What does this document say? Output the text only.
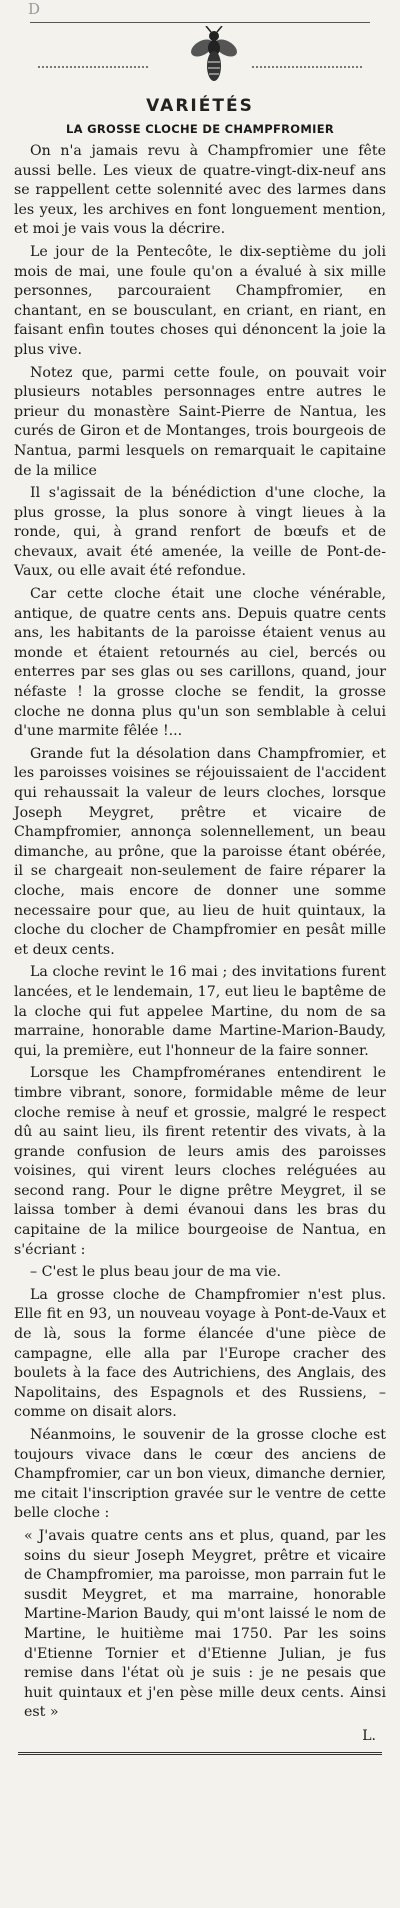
D
VARIÉTÉS
LA GROSSE CLOCHE DE CHAMPFROMIER

On n'a jamais revu à Champfromier une fête aussi belle. Les vieux de quatre-vingt-dix-neuf ans se rappellent cette solennité avec des larmes dans les yeux, les archives en font longuement mention, et moi je vais vous la décrire.

Le jour de la Pentecôte, le dix-septième du joli mois de mai, une foule qu'on a évalué à six mille personnes, parcouraient Champfromier, en chantant, en se bousculant, en criant, en riant, en faisant enfin toutes choses qui dénoncent la joie la plus vive.

Notez que, parmi cette foule, on pouvait voir plusieurs notables personnages entre autres le prieur du monastère Saint-Pierre de Nantua, les curés de Giron et de Montanges, trois bourgeois de Nantua, parmi lesquels on remarquait le capitaine de la milice

Il s'agissait de la bénédiction d'une cloche, la plus grosse, la plus sonore à vingt lieues à la ronde, qui, à grand renfort de bœufs et de chevaux, avait été amenée, la veille de Pont-de-Vaux, ou elle avait été refondue.

Car cette cloche était une cloche vénérable, antique, de quatre cents ans. Depuis quatre cents ans, les habitants de la paroisse étaient venus au monde et étaient retournés au ciel, bercés ou enterres par ses glas ou ses carillons, quand, jour néfaste ! la grosse cloche se fendit, la grosse cloche ne donna plus qu'un son semblable à celui d'une marmite fêlée !...

Grande fut la désolation dans Champfromier, et les paroisses voisines se réjouissaient de l'accident qui rehaussait la valeur de leurs cloches, lorsque Joseph Meygret, prêtre et vicaire de Champfromier, annonça solennellement, un beau dimanche, au prône, que la paroisse étant obérée, il se chargeait non-seulement de faire réparer la cloche, mais encore de donner une somme necessaire pour que, au lieu de huit quintaux, la cloche du clocher de Champfromier en pesât mille et deux cents.

La cloche revint le 16 mai ; des invitations furent lancées, et le lendemain, 17, eut lieu le baptême de la cloche qui fut appelee Martine, du nom de sa marraine, honorable dame Martine-Marion-Baudy, qui, la première, eut l'honneur de la faire sonner.

Lorsque les Champfroméranes entendirent le timbre vibrant, sonore, formidable même de leur cloche remise à neuf et grossie, malgré le respect dû au saint lieu, ils firent retentir des vivats, à la grande confusion de leurs amis des paroisses voisines, qui virent leurs cloches reléguées au second rang. Pour le digne prêtre Meygret, il se laissa tomber à demi évanoui dans les bras du capitaine de la milice bourgeoise de Nantua, en s'écriant :

– C'est le plus beau jour de ma vie.

La grosse cloche de Champfromier n'est plus. Elle fit en 93, un nouveau voyage à Pont-de-Vaux et de là, sous la forme élancée d'une pièce de campagne, elle alla par l'Europe cracher des boulets à la face des Autrichiens, des Anglais, des Napolitains, des Espagnols et des Russiens, – comme on disait alors.

Néanmoins, le souvenir de la grosse cloche est toujours vivace dans le cœur des anciens de Champfromier, car un bon vieux, dimanche dernier, me citait l'inscription gravée sur le ventre de cette belle cloche :

« J'avais quatre cents ans et plus, quand, par les soins du sieur Joseph Meygret, prêtre et vicaire de Champfromier, ma paroisse, mon parrain fut le susdit Meygret, et ma marraine, honorable Martine-Marion Baudy, qui m'ont laissé le nom de Martine, le huitième mai 1750. Par les soins d'Etienne Tornier et d'Etienne Julian, je fus remise dans l'état où je suis : je ne pesais que huit quintaux et j'en pèse mille deux cents. Ainsi est »

L.
